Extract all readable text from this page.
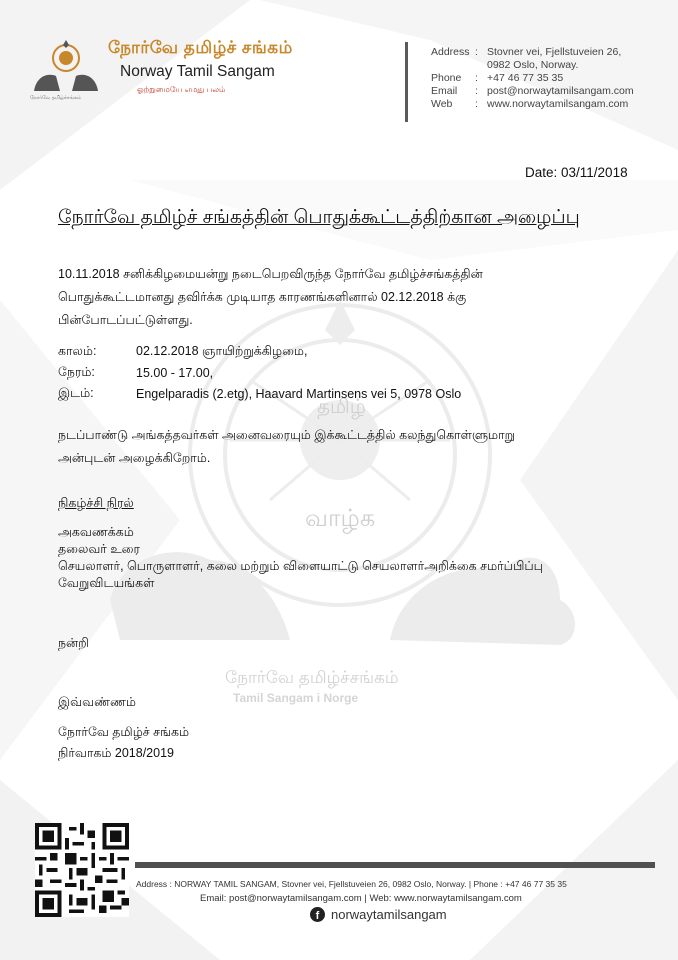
நோர்வே தமிழ்ச்சங்கம்
நோர்வே தமிழ்ச் சங்கம்
Norway Tamil Sangam
ஓற்றுமையே எமது பலம்
Address : Stovner vei, Fjellstuveien 26,
0982 Oslo, Norway.
Phone	: +47 46 77 35 35
Email	: post@norwaytamilsangam.com
Web	: www.norwaytamilsangam.com
Date: 03/11/2018
நோர்வே தமிழ்ச் சங்கத்தின் பொதுக்கூட்டத்திற்கான அழைப்பு
தமிழ்
வாழ்க
நோர்வே தமிழ்ச்சங்கம்
Tamil Sangam i Norge
10.11.2018 சனிக்கிழமையன்று நடைபெறவிருந்த நோர்வே தமிழ்ச்சங்கத்தின்
பொதுக்கூட்டமானது தவிர்க்க முடியாத காரணங்களினால் 02.12.2018 க்கு
பின்போடப்பட்டுள்ளது.
காலம்:	02.12.2018 ஞாயிற்றுக்கிழமை,
நேரம்:	15.00 - 17.00,
இடம்:	Engelparadis (2.etg), Haavard Martinsens vei 5, 0978 Oslo
நடப்பாண்டு அங்கத்தவர்கள் அனைவரையும் இக்கூட்டத்தில் கலந்துகொள்ளுமாறு
அன்புடன் அழைக்கிறோம்.
நிகழ்ச்சி நிரல்
அகவணக்கம்
தலைவர் உரை
செயலாளர், பொருளாளர், கலை மற்றும் விளையாட்டு செயலாளர்அறிக்கை சமர்ப்பிப்பு
வேறுவிடயங்கள்
நன்றி
இவ்வண்ணம்
நோர்வே தமிழ்ச் சங்கம்
நிர்வாகம் 2018/2019
Address : NORWAY TAMIL SANGAM, Stovner vei, Fjellstuveien 26, 0982 Oslo, Norway. | Phone : +47 46 77 35 35
Email: post@norwaytamilsangam.com | Web: www.norwaytamilsangam.com
f norwaytamilsangam
